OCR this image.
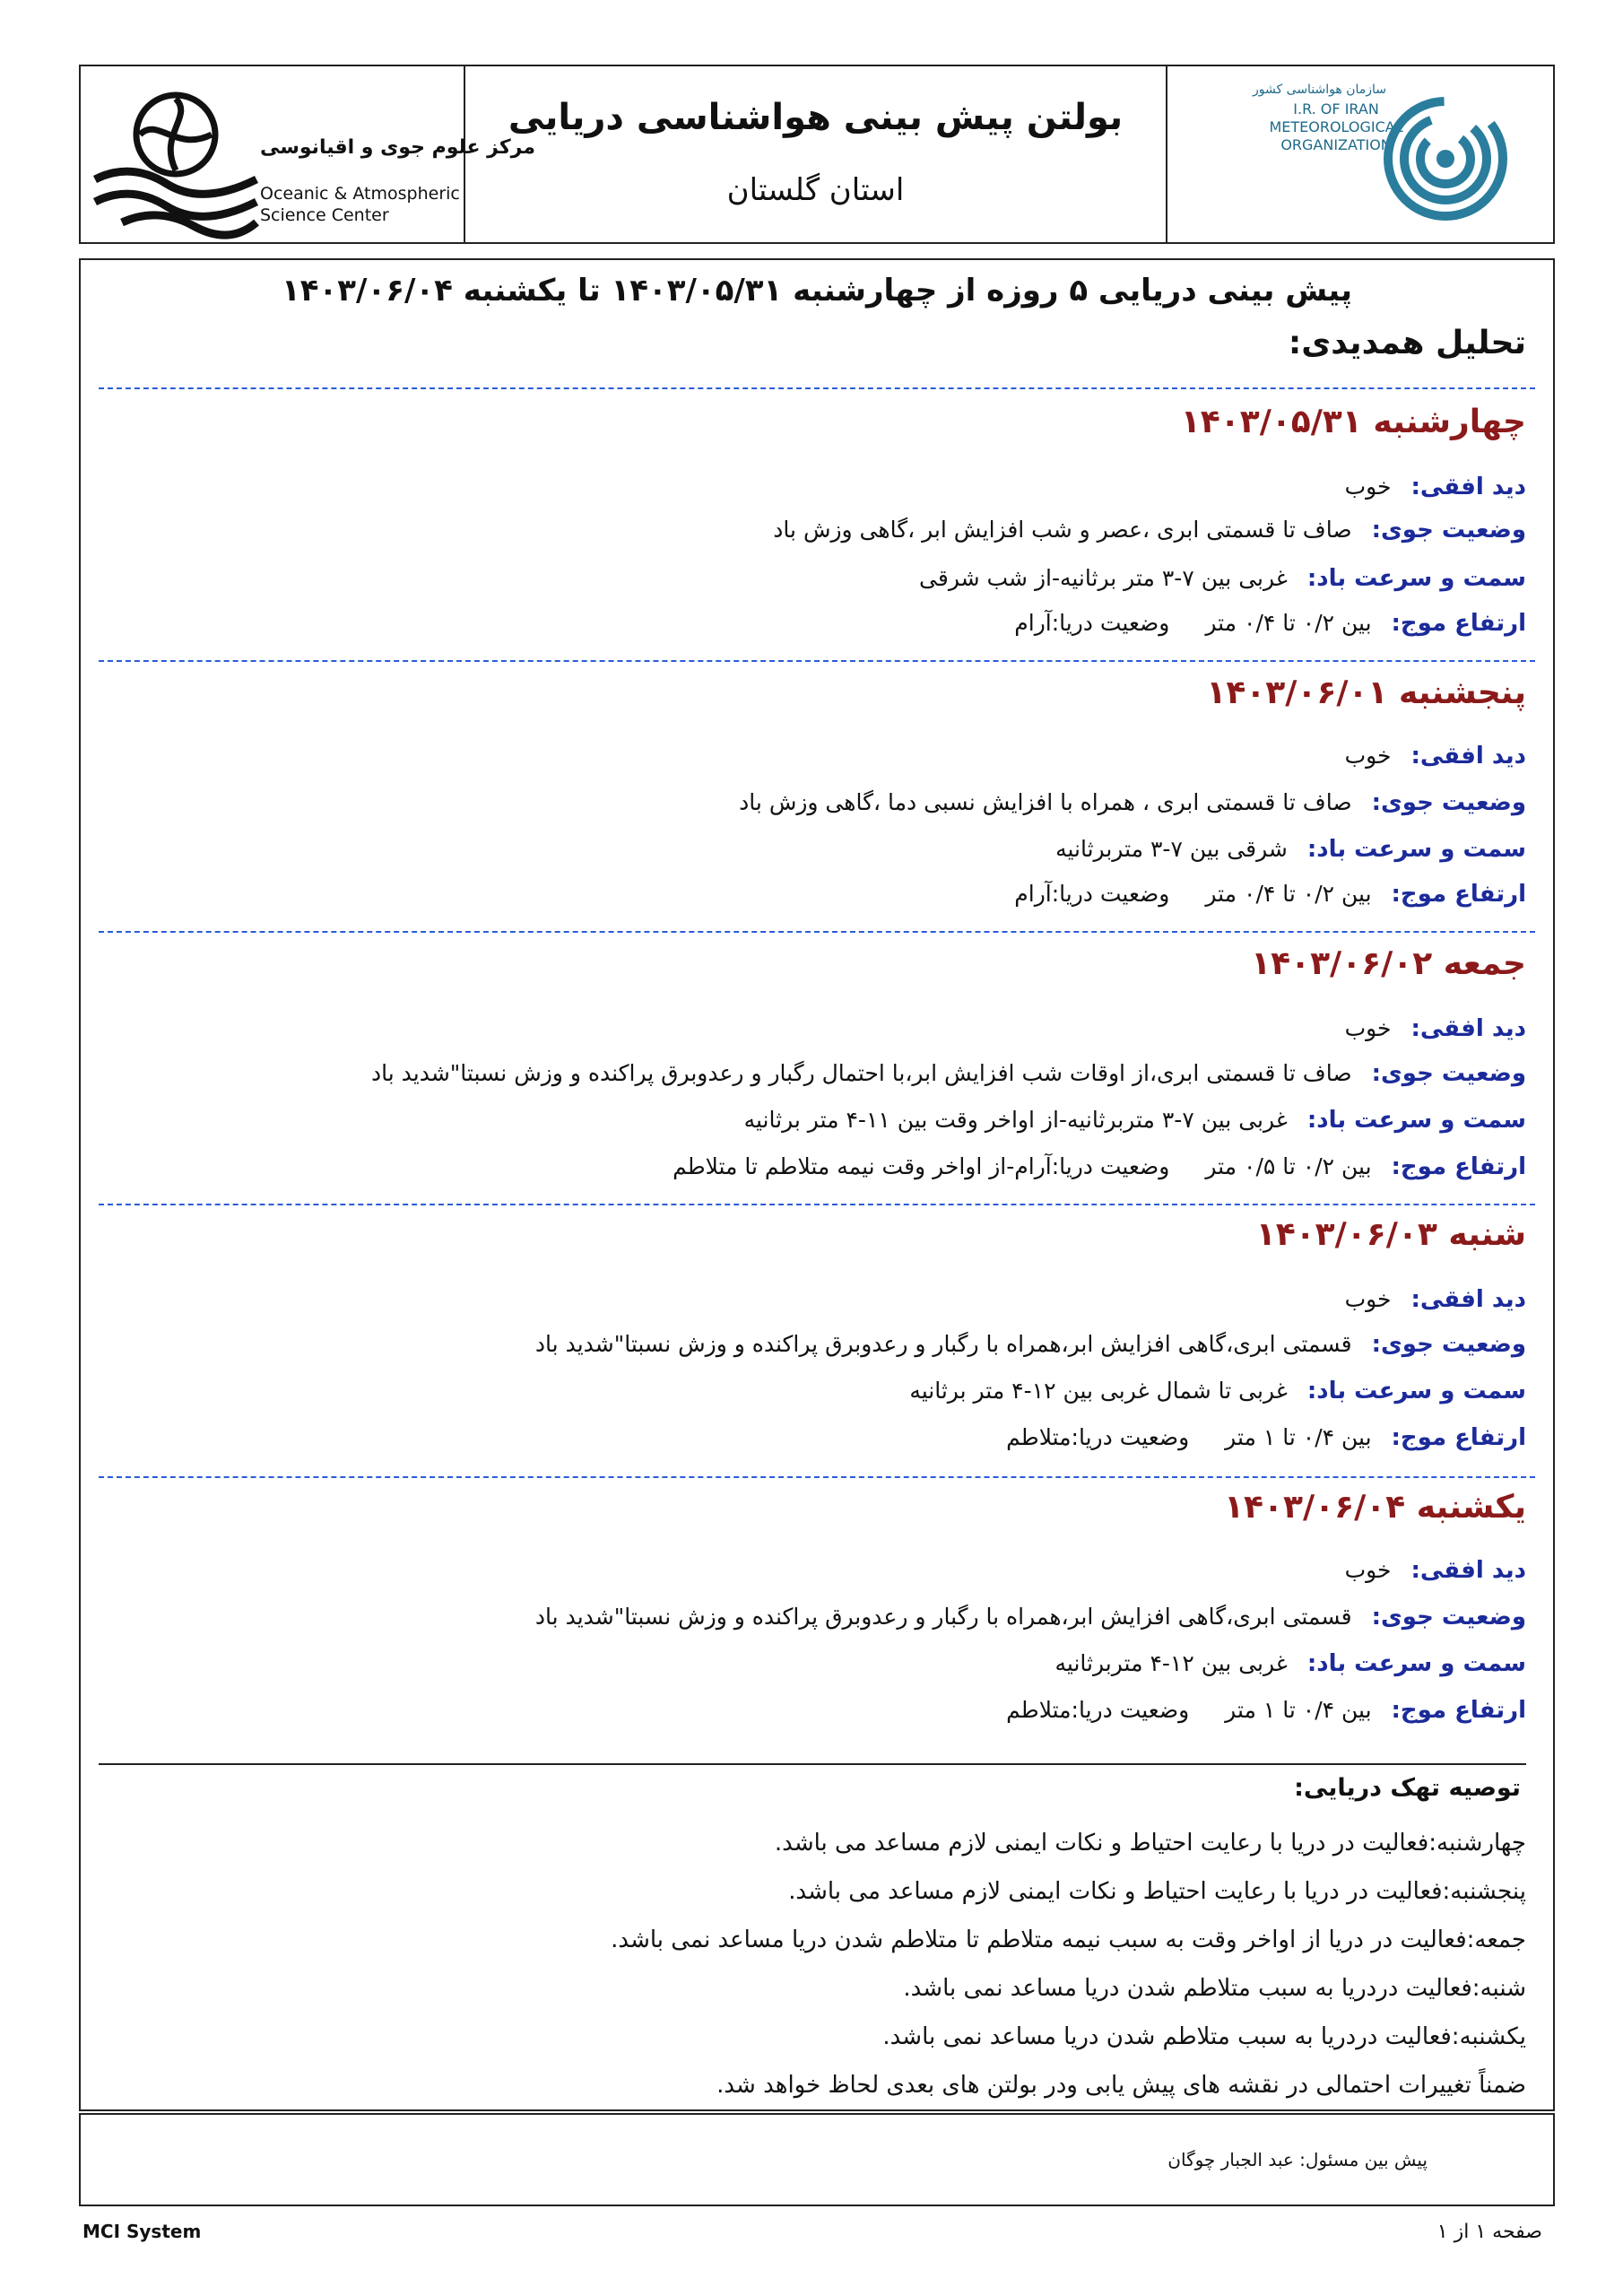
مرکز علوم جوی و اقیانوسی
Oceanic & Atmospheric
Science Center
بولتن پیش بینی هواشناسی دریایی
استان گلستان
سازمان هواشناسی کشور
I.R. OF IRAN
METEOROLOGICAL
ORGANIZATION
پیش بینی دریایی ۵ روزه از چهارشنبه ۱۴۰۳/۰۵/۳۱ تا یکشنبه ۱۴۰۳/۰۶/۰۴
تحلیل همدیدی:
چهارشنبه ۱۴۰۳/۰۵/۳۱
دید افقی:
خوب
وضعیت جوی:
صاف تا قسمتی ابری ،عصر و شب افزایش ابر ،گاهی وزش باد
سمت و سرعت باد:
غربی بین ۷-۳ متر برثانیه-از شب شرقی
ارتفاع موج:
بین ۰/۲ تا ۰/۴ متر
وضعیت دریا:آرام
پنجشنبه ۱۴۰۳/۰۶/۰۱
دید افقی:
خوب
وضعیت جوی:
صاف تا قسمتی ابری ، همراه با افزایش نسبی دما ،گاهی وزش باد
سمت و سرعت باد:
شرقی بین ۷-۳ متربرثانیه
ارتفاع موج:
بین ۰/۲ تا ۰/۴ متر
وضعیت دریا:آرام
جمعه ۱۴۰۳/۰۶/۰۲
دید افقی:
خوب
وضعیت جوی:
صاف تا قسمتی ابری،از اوقات شب افزایش ابر،با احتمال رگبار و رعدوبرق پراکنده و وزش نسبتا"شدید باد
سمت و سرعت باد:
غربی بین ۷-۳ متربرثانیه-از اواخر وقت بین ۱۱-۴ متر برثانیه
ارتفاع موج:
بین ۰/۲ تا ۰/۵ متر
وضعیت دریا:آرام-از اواخر وقت نیمه متلاطم تا متلاطم
شنبه ۱۴۰۳/۰۶/۰۳
دید افقی:
خوب
وضعیت جوی:
قسمتی ابری،گاهی افزایش ابر،همراه با رگبار و رعدوبرق پراکنده و وزش نسبتا"شدید باد
سمت و سرعت باد:
غربی تا شمال غربی بین ۱۲-۴ متر برثانیه
ارتفاع موج:
بین ۰/۴ تا ۱ متر
وضعیت دریا:متلاطم
یکشنبه ۱۴۰۳/۰۶/۰۴
دید افقی:
خوب
وضعیت جوی:
قسمتی ابری،گاهی افزایش ابر،همراه با رگبار و رعدوبرق پراکنده و وزش نسبتا"شدید باد
سمت و سرعت باد:
غربی بین ۱۲-۴ متربرثانیه
ارتفاع موج:
بین ۰/۴ تا ۱ متر
وضعیت دریا:متلاطم
توصیه تهک دریایی:
چهارشنبه:فعالیت در دریا با رعایت احتیاط و نکات ایمنی لازم مساعد می باشد.
پنجشنبه:فعالیت در دریا با رعایت احتیاط و نکات ایمنی لازم مساعد می باشد.
جمعه:فعالیت در دریا از اواخر وقت به سبب نیمه متلاطم تا متلاطم شدن دریا مساعد نمی باشد.
شنبه:فعالیت دردریا به سبب متلاطم شدن دریا مساعد نمی باشد.
یکشنبه:فعالیت دردریا به سبب متلاطم شدن دریا مساعد نمی باشد.
ضمناً تغییرات احتمالی در نقشه های پیش یابی ودر بولتن های بعدی لحاظ خواهد شد.
پیش بین مسئول: عبد الجبار چوگان
MCI System	صفحه ۱ از ۱
